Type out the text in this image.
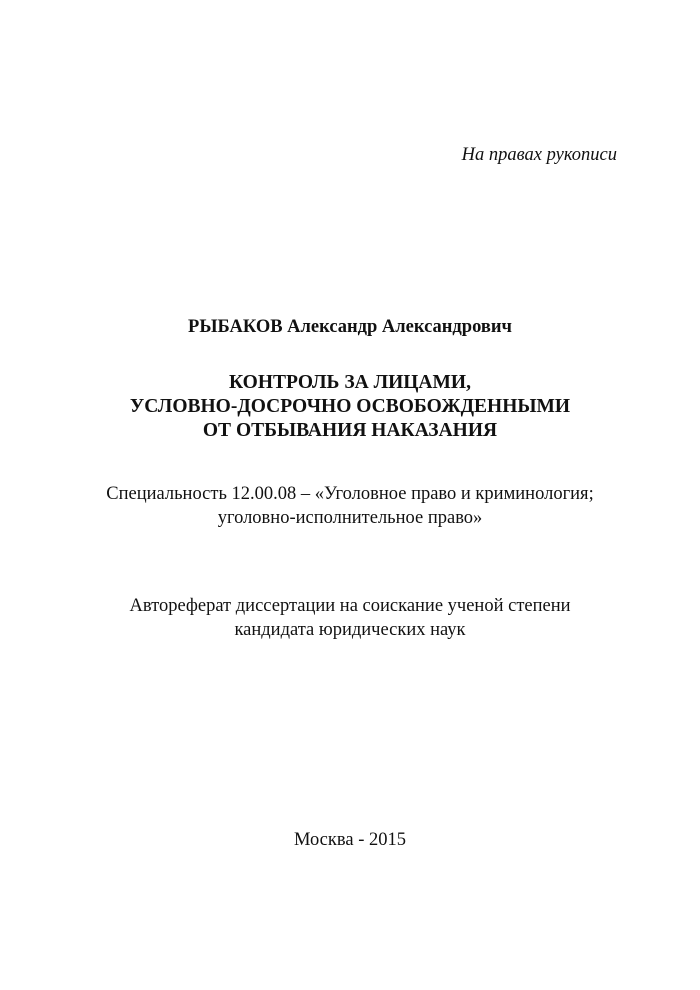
На правах рукописи
РЫБАКОВ Александр Александрович
КОНТРОЛЬ ЗА ЛИЦАМИ,
УСЛОВНО-ДОСРОЧНО ОСВОБОЖДЕННЫМИ
ОТ ОТБЫВАНИЯ НАКАЗАНИЯ
Специальность 12.00.08 – «Уголовное право и криминология;
уголовно-исполнительное право»
Автореферат диссертации на соискание ученой степени
кандидата юридических наук
Москва - 2015
